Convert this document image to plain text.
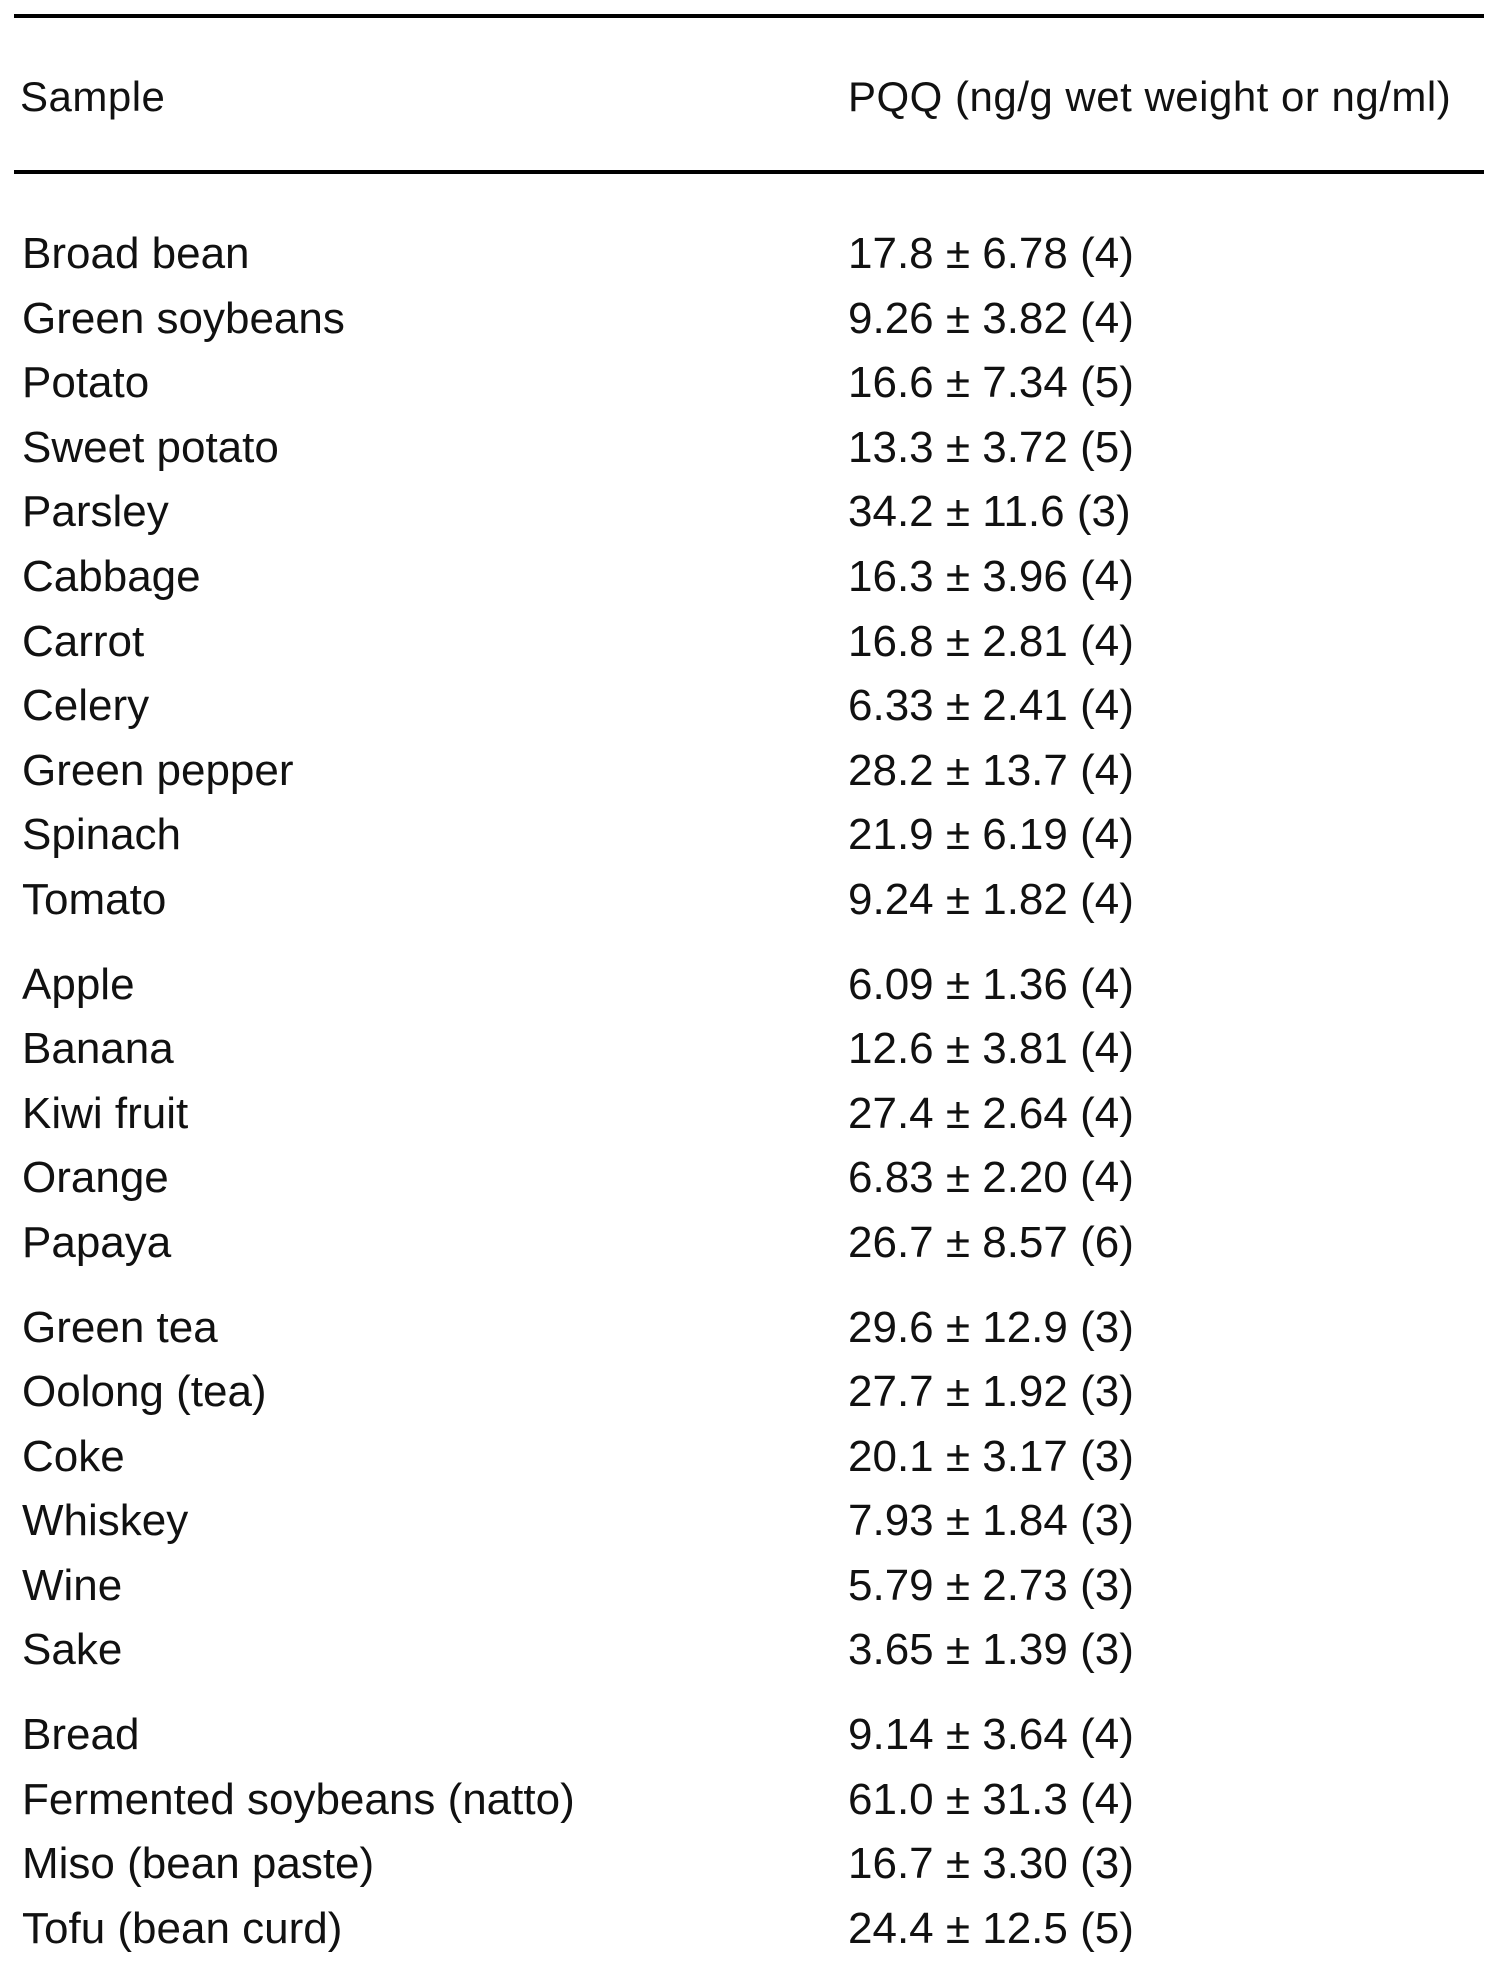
Sample	PQQ (ng/g wet weight or ng/ml)
Broad bean	17.8 ± 6.78 (4)
Green soybeans	9.26 ± 3.82 (4)
Potato	16.6 ± 7.34 (5)
Sweet potato	13.3 ± 3.72 (5)
Parsley	34.2 ± 11.6 (3)
Cabbage	16.3 ± 3.96 (4)
Carrot	16.8 ± 2.81 (4)
Celery	6.33 ± 2.41 (4)
Green pepper	28.2 ± 13.7 (4)
Spinach	21.9 ± 6.19 (4)
Tomato	9.24 ± 1.82 (4)
Apple	6.09 ± 1.36 (4)
Banana	12.6 ± 3.81 (4)
Kiwi fruit	27.4 ± 2.64 (4)
Orange	6.83 ± 2.20 (4)
Papaya	26.7 ± 8.57 (6)
Green tea	29.6 ± 12.9 (3)
Oolong (tea)	27.7 ± 1.92 (3)
Coke	20.1 ± 3.17 (3)
Whiskey	7.93 ± 1.84 (3)
Wine	5.79 ± 2.73 (3)
Sake	3.65 ± 1.39 (3)
Bread	9.14 ± 3.64 (4)
Fermented soybeans (natto)	61.0 ± 31.3 (4)
Miso (bean paste)	16.7 ± 3.30 (3)
Tofu (bean curd)	24.4 ± 12.5 (5)
